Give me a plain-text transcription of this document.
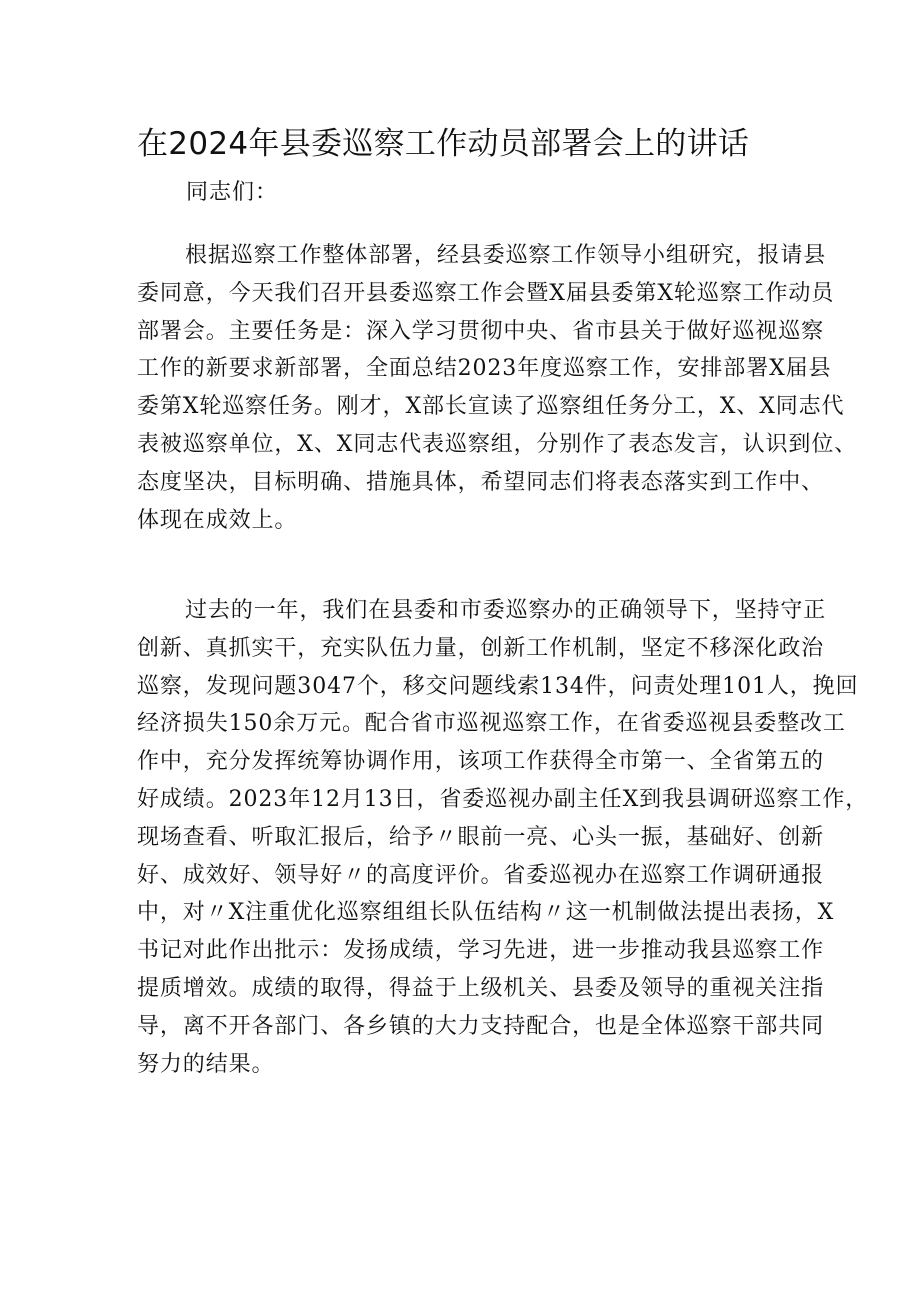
在2024年县委巡察工作动员部署会上的讲话

同志们：

根据巡察工作整体部署，经县委巡察工作领导小组研究，报请县
委同意，今天我们召开县委巡察工作会暨X届县委第X轮巡察工作动员
部署会。主要任务是：深入学习贯彻中央、省市县关于做好巡视巡察
工作的新要求新部署，全面总结2023年度巡察工作，安排部署X届县
委第X轮巡察任务。刚才，X部长宣读了巡察组任务分工，X、X同志代
表被巡察单位，X、X同志代表巡察组，分别作了表态发言，认识到位、
态度坚决，目标明确、措施具体，希望同志们将表态落实到工作中、
体现在成效上。
过去的一年，我们在县委和市委巡察办的正确领导下，坚持守正
创新、真抓实干，充实队伍力量，创新工作机制，坚定不移深化政治
巡察，发现问题3047个，移交问题线索134件，问责处理101人，挽回
经济损失150余万元。配合省市巡视巡察工作，在省委巡视县委整改工
作中，充分发挥统筹协调作用，该项工作获得全市第一、全省第五的
好成绩。2023年12月13日，省委巡视办副主任X到我县调研巡察工作，
现场查看、听取汇报后，给予〃眼前一亮、心头一振，基础好、创新
好、成效好、领导好〃的高度评价。省委巡视办在巡察工作调研通报
中，对〃X注重优化巡察组组长队伍结构〃这一机制做法提出表扬，X
书记对此作出批示：发扬成绩，学习先进，进一步推动我县巡察工作
提质增效。成绩的取得，得益于上级机关、县委及领导的重视关注指
导，离不开各部门、各乡镇的大力支持配合，也是全体巡察干部共同
努力的结果。
